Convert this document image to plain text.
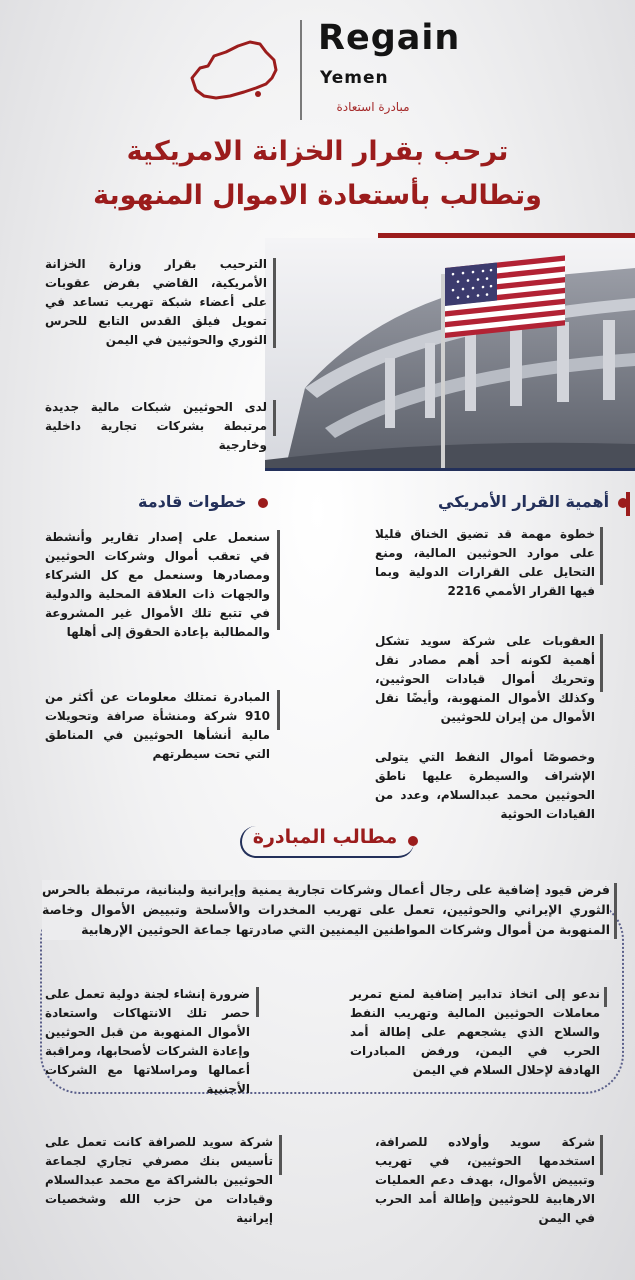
Regain
Yemen
مبادرة استعادة
ترحب بقرار الخزانة الامريكية
وتطالب بأستعادة الاموال المنهوبة
الترحيب بقرار وزارة الخزانة الأمريكية، القاضي بفرض عقوبات على أعضاء شبكة تهريب تساعد في تمويل فيلق القدس التابع للحرس الثوري والحوثيين في اليمن
لدى الحوثيين شبكات مالية جديدة مرتبطة بشركات تجارية داخلية وخارجية
أهمية القرار الأمريكي
خطوات قادمة
خطوة مهمة قد تضيق الخناق قليلا على موارد الحوثيين المالية، ومنع التحايل على القرارات الدولية وبما فيها القرار الأممي 2216
العقوبات على شركة سويد تشكل أهمية لكونه أحد أهم مصادر نقل وتحريك أموال قيادات الحوثيين، وكذلك الأموال المنهوبة، وأيضًا نقل الأموال من إيران للحوثيين
وخصوصًا أموال النفط التي يتولى الإشراف والسيطرة عليها ناطق الحوثيين محمد عبدالسلام، وعدد من القيادات الحوثية
سنعمل على إصدار تقارير وأنشطة في تعقب أموال وشركات الحوثيين ومصادرها وسنعمل مع كل الشركاء والجهات ذات العلاقة المحلية والدولية في تتبع تلك الأموال غير المشروعة والمطالبة بإعادة الحقوق إلى أهلها
المبادرة تمتلك معلومات عن أكثر من 910 شركة ومنشأة صرافة وتحويلات مالية أنشأها الحوثيين في المناطق التي تحت سيطرتهم
مطالب المبادرة
فرض قيود إضافية على رجال أعمال وشركات تجارية يمنية وإيرانية ولبنانية، مرتبطة بالحرس الثوري الإيراني والحوثيين، تعمل على تهريب المخدرات والأسلحة وتبييض الأموال وخاصة المنهوبة من أموال وشركات المواطنين اليمنيين التي صادرتها جماعة الحوثيين الإرهابية
ضرورة إنشاء لجنة دولية تعمل على حصر تلك الانتهاكات واستعادة الأموال المنهوبة من قبل الحوثيين وإعادة الشركات لأصحابها، ومراقبة أعمالها ومراسلاتها مع الشركات الأجنبية
ندعو إلى اتخاذ تدابير إضافية لمنع تمرير معاملات الحوثيين المالية وتهريب النفط والسلاح الذي يشجعهم على إطالة أمد الحرب في اليمن، ورفض المبادرات الهادفة لإحلال السلام في اليمن
شركة سويد للصرافة كانت تعمل على تأسيس بنك مصرفي تجاري لجماعة الحوثيين بالشراكة مع محمد عبدالسلام وقيادات من حزب الله وشخصيات إيرانية
شركة سويد وأولاده للصرافة، استخدمها الحوثيين، في تهريب وتبييض الأموال، بهدف دعم العمليات الارهابية للحوثيين وإطالة أمد الحرب في اليمن
